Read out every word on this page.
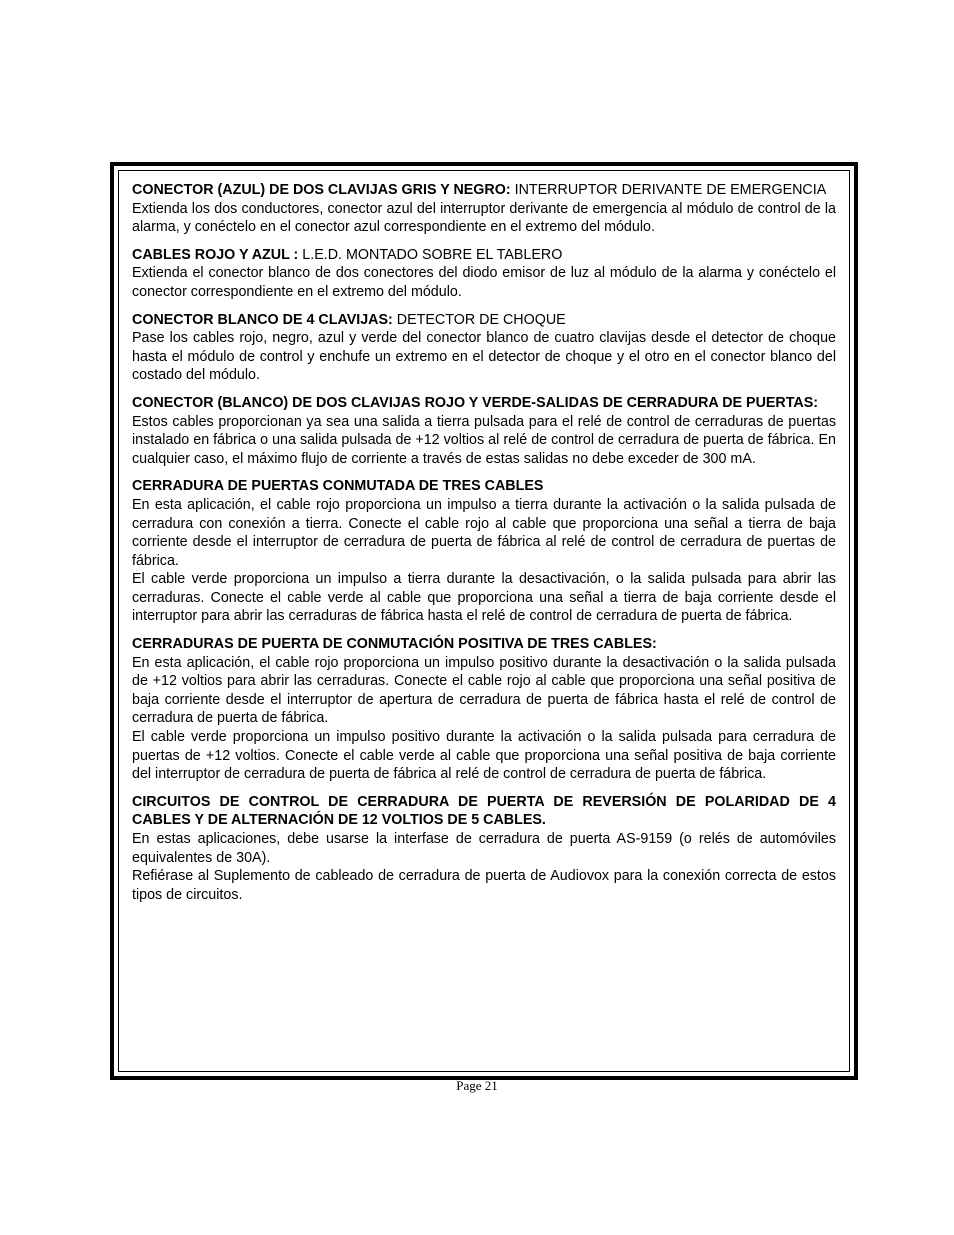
CONECTOR (AZUL) DE DOS CLAVIJAS GRIS Y NEGRO: INTERRUPTOR DERIVANTE DE EMERGENCIA

Extienda los dos conductores, conector azul del interruptor derivante de emergencia al módulo de control de la alarma, y conéctelo en el conector azul correspondiente en el extremo del módulo.

CABLES ROJO Y AZUL : L.E.D. MONTADO SOBRE EL TABLERO

Extienda el conector blanco de dos conectores del diodo emisor de luz al módulo de la alarma y conéctelo el conector correspondiente en el extremo del módulo.

CONECTOR BLANCO DE 4 CLAVIJAS: DETECTOR DE CHOQUE

Pase los cables rojo, negro, azul y verde del conector blanco de cuatro clavijas desde el detector de choque hasta el módulo de control y enchufe un extremo en el detector de choque y el otro en el conector blanco del costado del módulo.

CONECTOR (BLANCO) DE DOS CLAVIJAS ROJO Y VERDE-SALIDAS DE CERRADURA DE PUERTAS:

Estos cables proporcionan ya sea una salida a tierra pulsada para el relé de control de cerraduras de puertas instalado en fábrica o una salida pulsada de +12 voltios al relé de control de cerradura de puerta de fábrica. En cualquier caso, el máximo flujo de corriente a través de estas salidas no debe exceder de 300 mA.

CERRADURA DE PUERTAS CONMUTADA DE TRES CABLES

En esta aplicación, el cable rojo proporciona un impulso a tierra durante la activación o la salida pulsada de cerradura con conexión a tierra. Conecte el cable rojo al cable que proporciona una señal a tierra de baja corriente desde el interruptor de cerradura de puerta de fábrica al relé de control de cerradura de puertas de fábrica.

El cable verde proporciona un impulso a tierra durante la desactivación, o la salida pulsada para abrir las cerraduras. Conecte el cable verde al cable que proporciona una señal a tierra de baja corriente desde el interruptor para abrir las cerraduras de fábrica hasta el relé de control de cerradura de puerta de fábrica.

CERRADURAS DE PUERTA DE CONMUTACIÓN POSITIVA DE TRES CABLES:

En esta aplicación, el cable rojo proporciona un impulso positivo durante la desactivación o la salida pulsada de +12 voltios para abrir las cerraduras. Conecte el cable rojo al cable que proporciona una señal positiva de baja corriente desde el interruptor de apertura de cerradura de puerta de fábrica hasta el relé de control de cerradura de puerta de fábrica.

El cable verde proporciona un impulso positivo durante la activación o la salida pulsada para cerradura de puertas de +12 voltios. Conecte el cable verde al cable que proporciona una señal positiva de baja corriente del interruptor de cerradura de puerta de fábrica al relé de control de cerradura de puerta de fábrica.

CIRCUITOS DE CONTROL DE CERRADURA DE PUERTA DE REVERSIÓN DE POLARIDAD DE 4 CABLES Y DE ALTERNACIÓN DE 12 VOLTIOS DE 5 CABLES.

En estas aplicaciones, debe usarse la interfase de cerradura de puerta AS-9159 (o relés de automóviles equivalentes de 30A).

Refiérase al Suplemento de cableado de cerradura de puerta de Audiovox para la conexión correcta de estos tipos de circuitos.

Page 21
